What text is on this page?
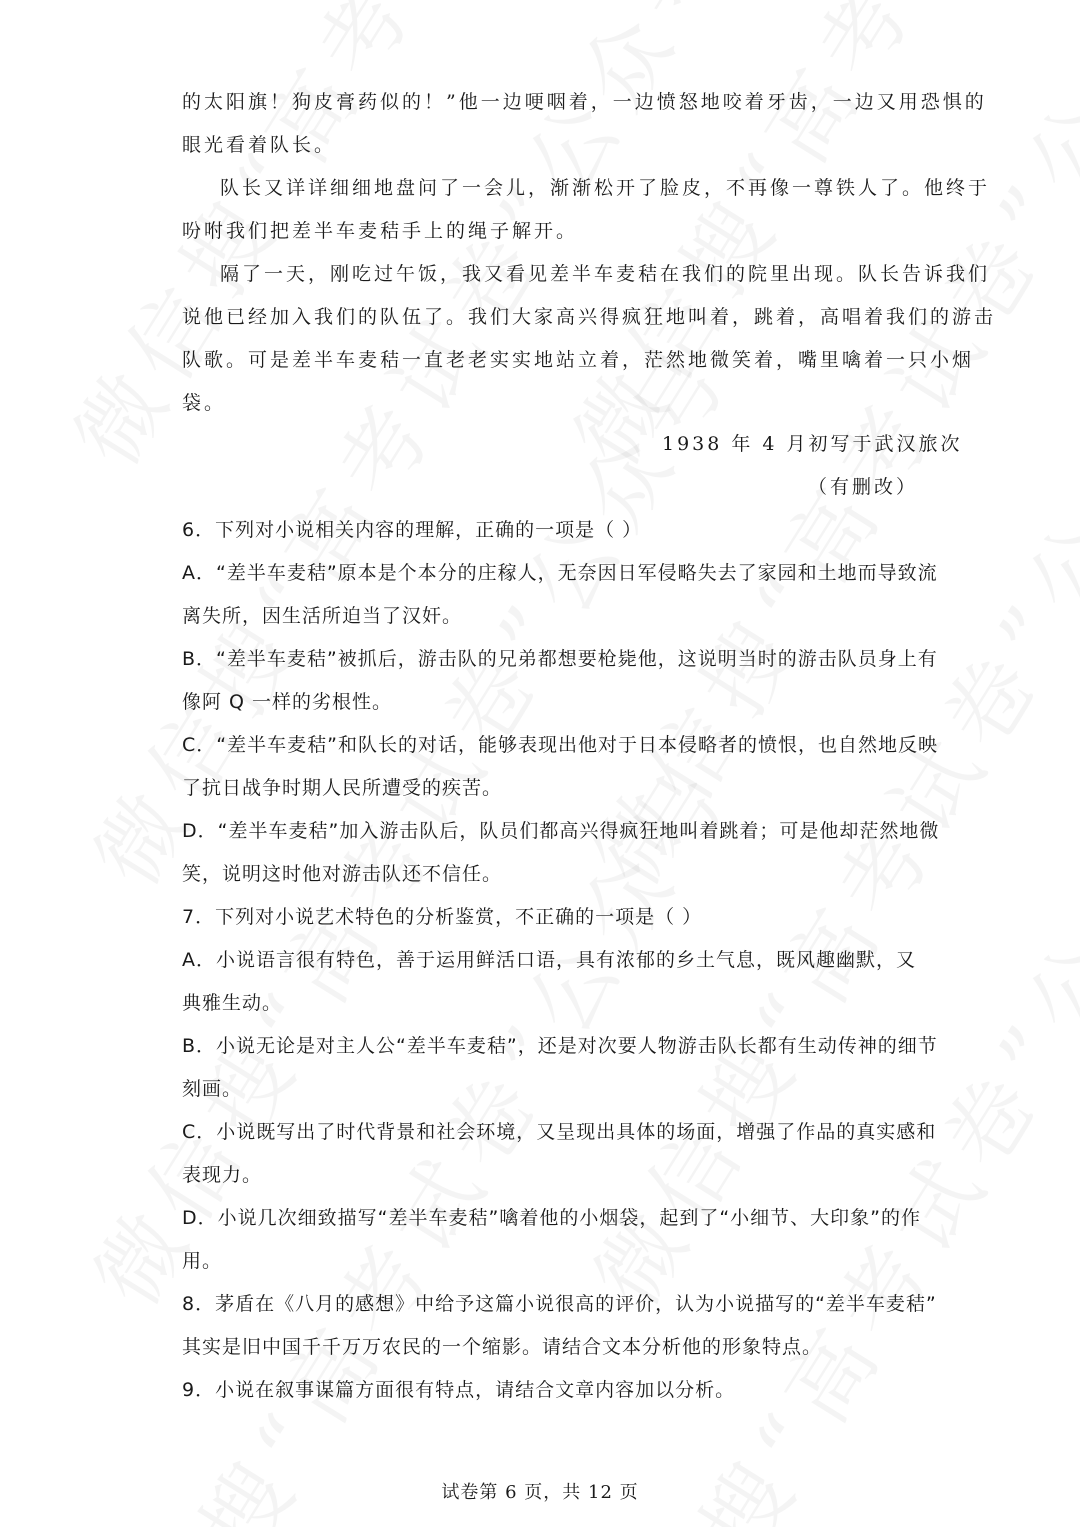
的太阳旗！狗皮膏药似的！”他一边哽咽着，一边愤怒地咬着牙齿，一边又用恐惧的
眼光看着队长。
队长又详详细细地盘问了一会儿，渐渐松开了脸皮，不再像一尊铁人了。他终于
吩咐我们把差半车麦秸手上的绳子解开。
隔了一天，刚吃过午饭，我又看见差半车麦秸在我们的院里出现。队长告诉我们
说他已经加入我们的队伍了。我们大家高兴得疯狂地叫着，跳着，高唱着我们的游击
队歌。可是差半车麦秸一直老老实实地站立着，茫然地微笑着，嘴里噙着一只小烟
袋。
1938 年 4 月初写于武汉旅次
（有删改）
6．下列对小说相关内容的理解，正确的一项是（ ）
A．“差半车麦秸”原本是个本分的庄稼人，无奈因日军侵略失去了家园和土地而导致流
离失所，因生活所迫当了汉奸。
B．“差半车麦秸”被抓后，游击队的兄弟都想要枪毙他，这说明当时的游击队员身上有
像阿 Q 一样的劣根性。
C．“差半车麦秸”和队长的对话，能够表现出他对于日本侵略者的愤恨，也自然地反映
了抗日战争时期人民所遭受的疾苦。
D．“差半车麦秸”加入游击队后，队员们都高兴得疯狂地叫着跳着；可是他却茫然地微
笑，说明这时他对游击队还不信任。
7．下列对小说艺术特色的分析鉴赏，不正确的一项是（ ）
A．小说语言很有特色，善于运用鲜活口语，具有浓郁的乡土气息，既风趣幽默，又
典雅生动。
B．小说无论是对主人公“差半车麦秸”，还是对次要人物游击队长都有生动传神的细节
刻画。
C．小说既写出了时代背景和社会环境，又呈现出具体的场面，增强了作品的真实感和
表现力。
D．小说几次细致描写“差半车麦秸”噙着他的小烟袋，起到了“小细节、大印象”的作
用。
8．茅盾在《八月的感想》中给予这篇小说很高的评价，认为小说描写的“差半车麦秸”
其实是旧中国千千万万农民的一个缩影。请结合文本分析他的形象特点。
9．小说在叙事谋篇方面很有特点，请结合文章内容加以分析。
试卷第 6 页，共 12 页
